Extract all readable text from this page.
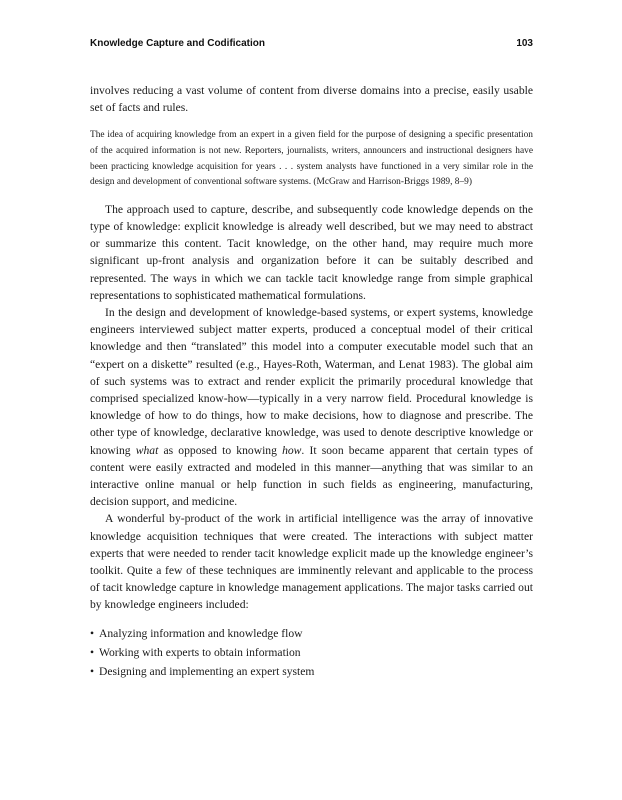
Knowledge Capture and Codification	103

involves reducing a vast volume of content from diverse domains into a precise, easily usable set of facts and rules.

The idea of acquiring knowledge from an expert in a given field for the purpose of designing a specific presentation of the acquired information is not new. Reporters, journalists, writers, announcers and instructional designers have been practicing knowledge acquisition for years . . . system analysts have functioned in a very similar role in the design and development of conventional software systems. (McGraw and Harrison-Briggs 1989, 8–9)

The approach used to capture, describe, and subsequently code knowledge depends on the type of knowledge: explicit knowledge is already well described, but we may need to abstract or summarize this content. Tacit knowledge, on the other hand, may require much more significant up-front analysis and organization before it can be suitably described and represented. The ways in which we can tackle tacit knowledge range from simple graphical representations to sophisticated mathematical formulations.

In the design and development of knowledge-based systems, or expert systems, knowledge engineers interviewed subject matter experts, produced a conceptual model of their critical knowledge and then “translated” this model into a computer executable model such that an “expert on a diskette” resulted (e.g., Hayes-Roth, Waterman, and Lenat 1983). The global aim of such systems was to extract and render explicit the primarily procedural knowledge that comprised specialized know-how—typically in a very narrow field. Procedural knowledge is knowledge of how to do things, how to make decisions, how to diagnose and prescribe. The other type of knowledge, declarative knowledge, was used to denote descriptive knowledge or knowing what as opposed to knowing how. It soon became apparent that certain types of content were easily extracted and modeled in this manner—anything that was similar to an interactive online manual or help function in such fields as engineering, manufacturing, decision support, and medicine.

A wonderful by-product of the work in artificial intelligence was the array of innovative knowledge acquisition techniques that were created. The interactions with subject matter experts that were needed to render tacit knowledge explicit made up the knowledge engineer’s toolkit. Quite a few of these techniques are imminently relevant and applicable to the process of tacit knowledge capture in knowledge management applications. The major tasks carried out by knowledge engineers included:

• Analyzing information and knowledge flow
• Working with experts to obtain information
• Designing and implementing an expert system
